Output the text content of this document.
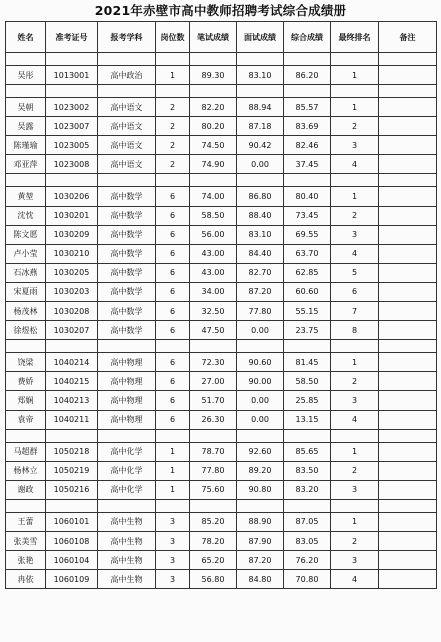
2021年赤壁市高中教师招聘考试综合成绩册
姓名	准考证号	报考学科	岗位数	笔试成绩	面试成绩	综合成绩	最终排名	备注

吴彤	1013001	高中政治	1	89.30	83.10	86.20	1	

吴朝	1023002	高中语文	2	82.20	88.94	85.57	1	
吴露	1023007	高中语文	2	80.20	87.18	83.69	2	
陈瑾瑜	1023005	高中语文	2	74.50	90.42	82.46	3	
邓亚萍	1023008	高中语文	2	74.90	0.00	37.45	4	

黄堃	1030206	高中数学	6	74.00	86.80	80.40	1	
沈忱	1030201	高中数学	6	58.50	88.40	73.45	2	
陈文愿	1030209	高中数学	6	56.00	83.10	69.55	3	
卢小莹	1030210	高中数学	6	43.00	84.40	63.70	4	
石冰燕	1030205	高中数学	6	43.00	82.70	62.85	5	
宋夏雨	1030203	高中数学	6	34.00	87.20	60.60	6	
杨茂林	1030208	高中数学	6	32.50	77.80	55.15	7	
徐煜松	1030207	高中数学	6	47.50	0.00	23.75	8	

饶梁	1040214	高中物理	6	72.30	90.60	81.45	1	
费娇	1040215	高中物理	6	27.00	90.00	58.50	2	
郑娴	1040213	高中物理	6	51.70	0.00	25.85	3	
袁帝	1040211	高中物理	6	26.30	0.00	13.15	4	

马超群	1050218	高中化学	1	78.70	92.60	85.65	1	
杨林立	1050219	高中化学	1	77.80	89.20	83.50	2	
谢政	1050216	高中化学	1	75.60	90.80	83.20	3	

王蕾	1060101	高中生物	3	85.20	88.90	87.05	1	
张美雪	1060108	高中生物	3	78.20	87.90	83.05	2	
张艳	1060104	高中生物	3	65.20	87.20	76.20	3	
冉依	1060109	高中生物	3	56.80	84.80	70.80	4	
